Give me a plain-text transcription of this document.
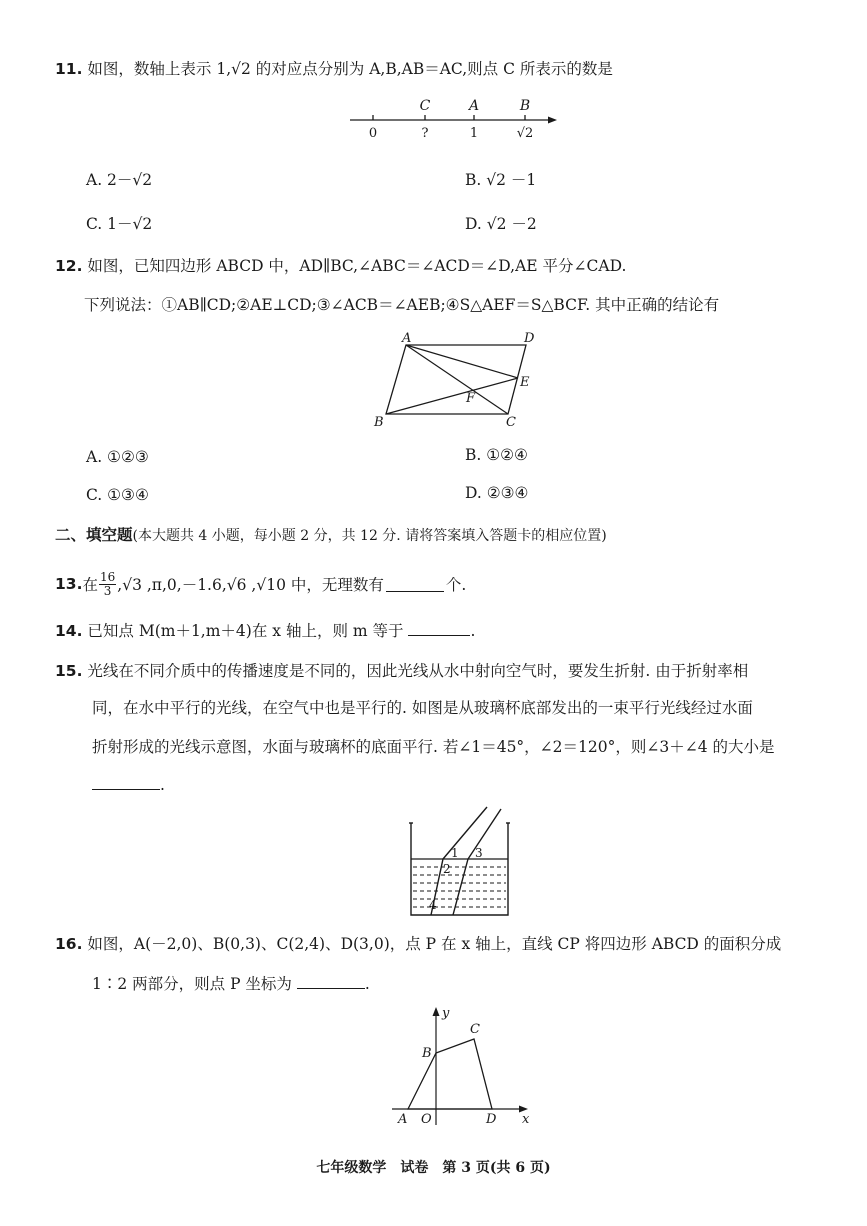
11. 如图，数轴上表示 1,√2 的对应点分别为 A,B,AB＝AC,则点 C 所表示的数是
C	A	B
0	?	1	√2
A. 2－√2	B. √2 －1
C. 1－√2	D. √2 －2
12. 如图，已知四边形 ABCD 中，AD∥BC,∠ABC＝∠ACD＝∠D,AE 平分∠CAD.
下列说法：①AB∥CD;②AE⊥CD;③∠ACB＝∠AEB;④S△AEF＝S△BCF. 其中正确的结论有
A	D
E
F
B	C
A. ①②③	B. ①②④
C. ①③④	D. ②③④
二、填空题(本大题共 4 小题，每小题 2 分，共 12 分. 请将答案填入答题卡的相应位置)
13. 在 $\frac{16}{3} ,√3$ ,π,0,－1.6,√6 ,√10 中，无理数有	个.
14. 已知点 M(m＋1,m＋4)在 x 轴上，则 m 等于	.
15. 光线在不同介质中的传播速度是不同的，因此光线从水中射向空气时，要发生折射. 由于折射率相
同，在水中平行的光线，在空气中也是平行的. 如图是从玻璃杯底部发出的一束平行光线经过水面
折射形成的光线示意图，水面与玻璃杯的底面平行. 若∠1＝45°，∠2＝120°，则∠3＋∠4 的大小是
.
1 3
2
4
16. 如图，A(－2,0)、B(0,3)、C(2,4)、D(3,0)，点 P 在 x 轴上，直线 CP 将四边形 ABCD 的面积分成
1∶2 两部分，则点 P 坐标为	.
y
C
B
A O	D x
七年级数学　试卷　第 3 页(共 6 页)
